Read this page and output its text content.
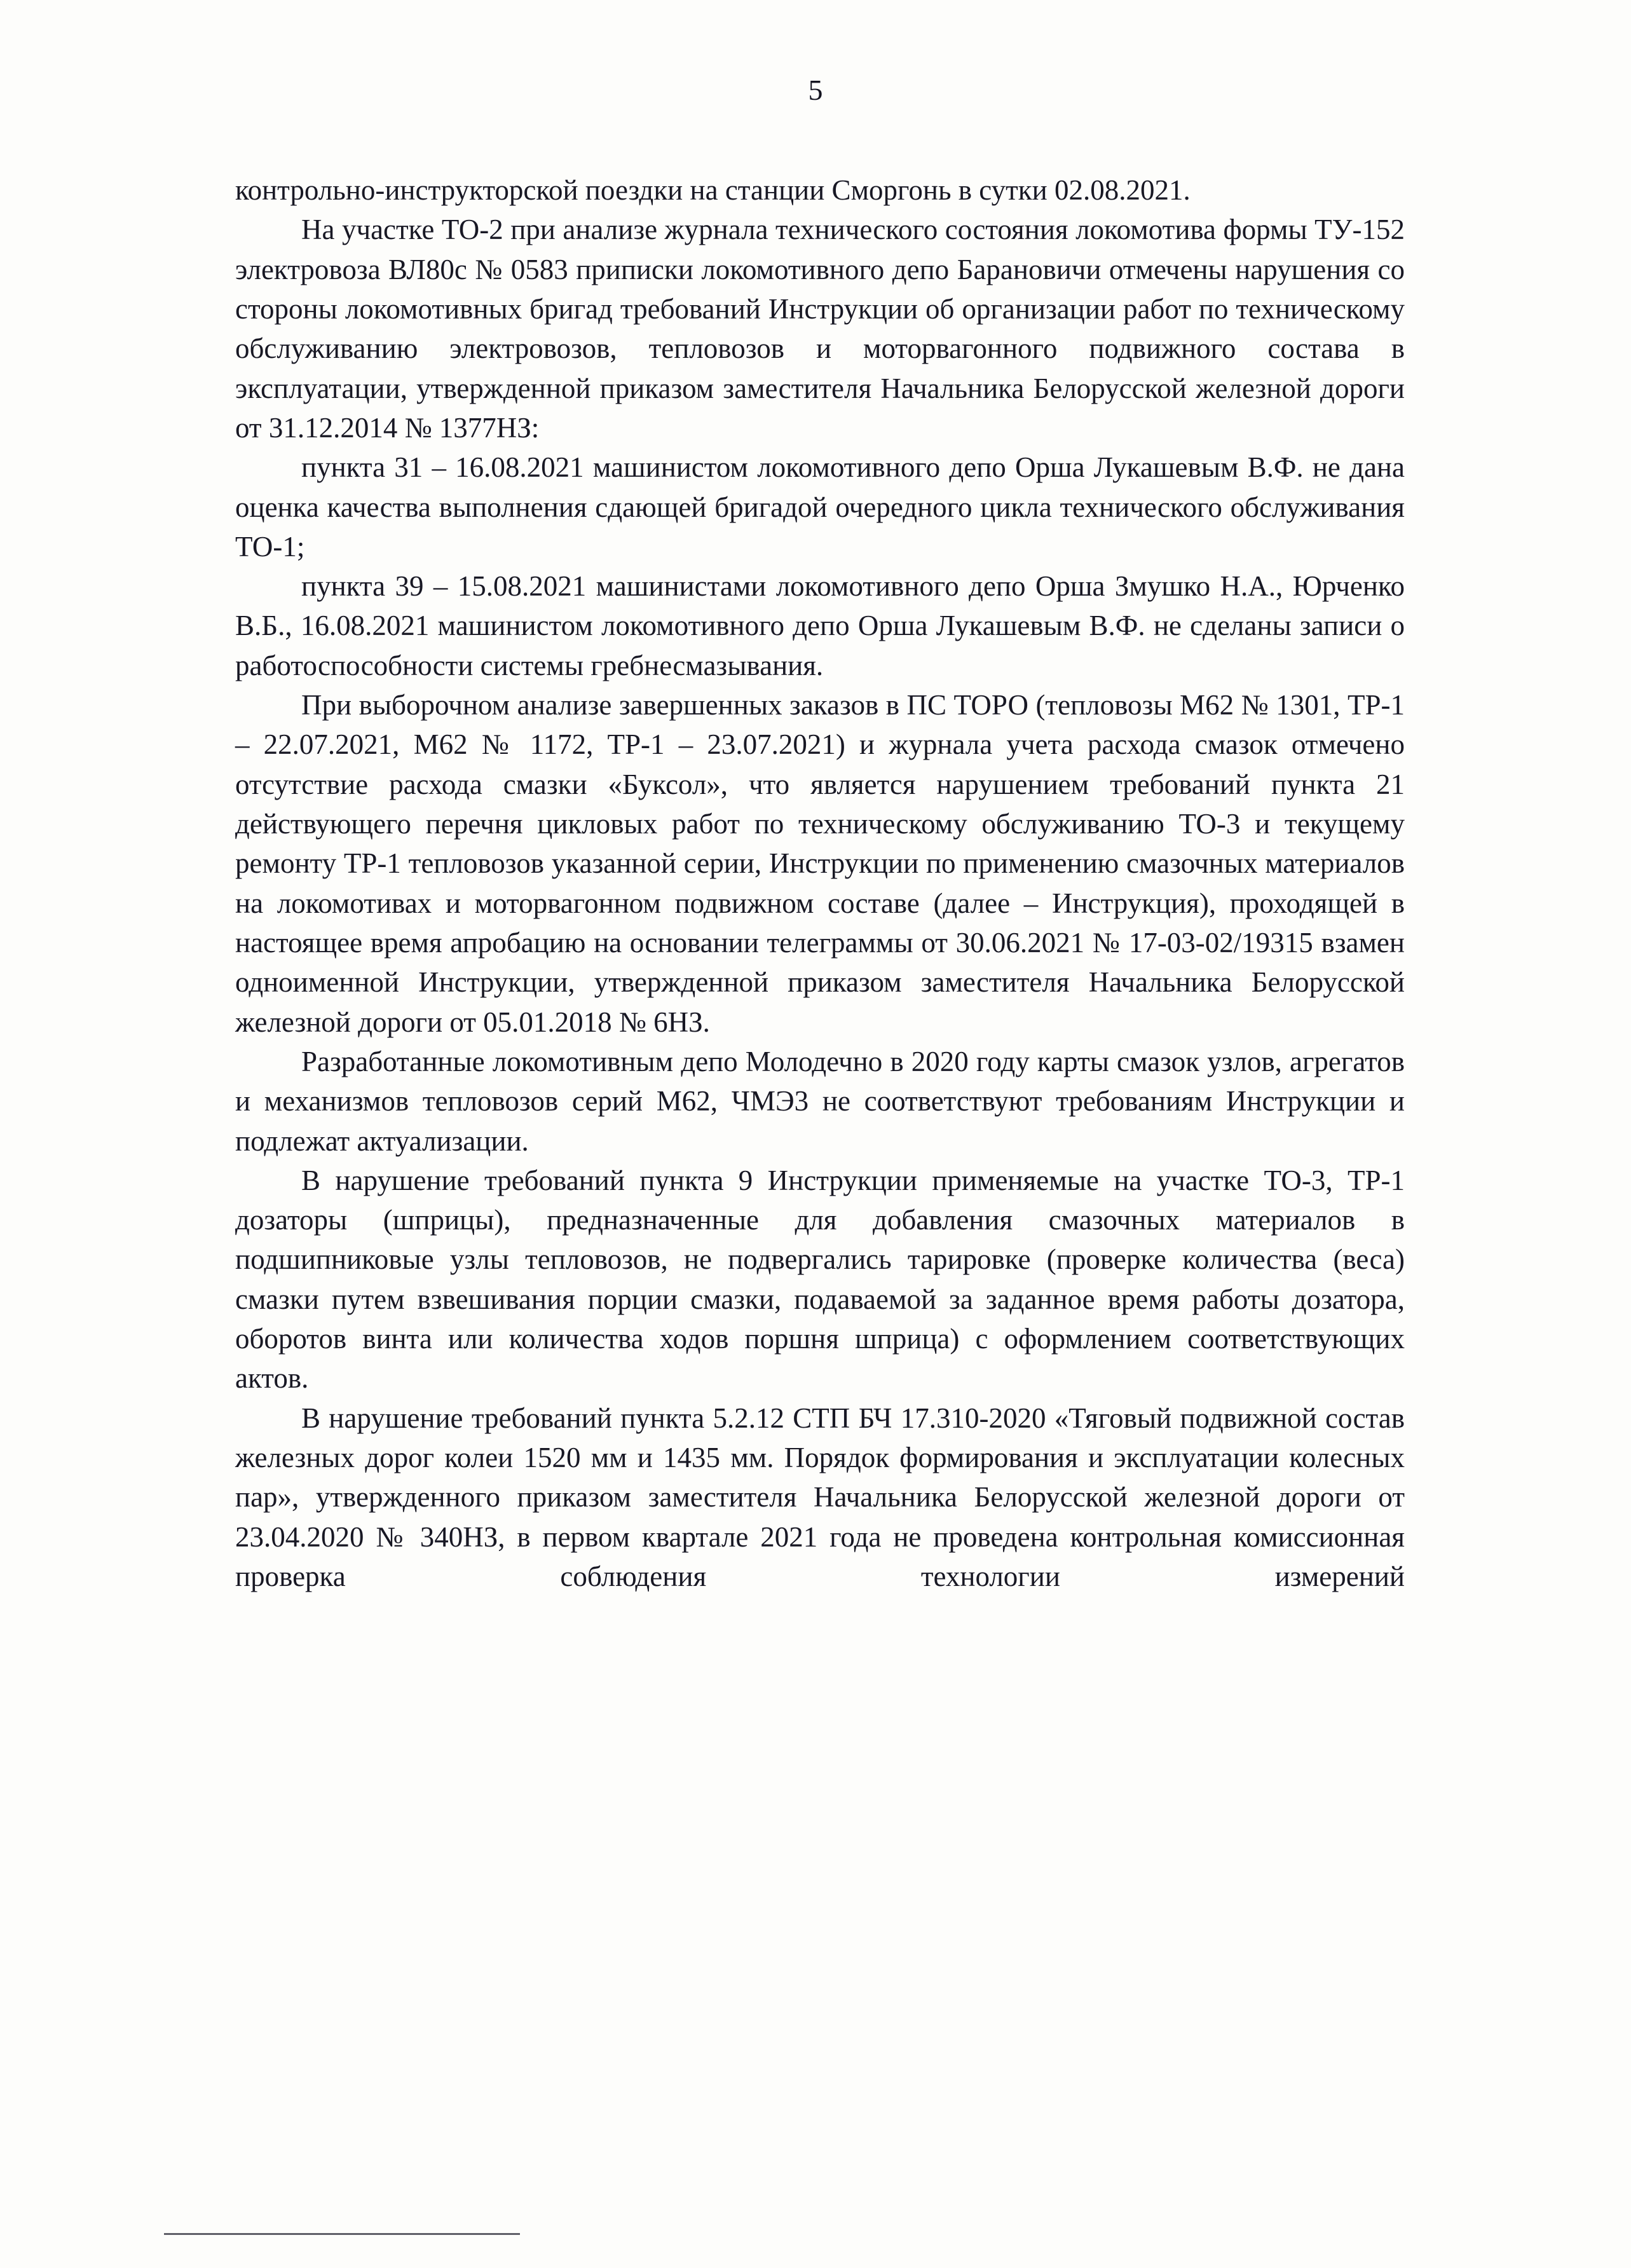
5

контрольно-инструкторской поездки на станции Сморгонь в сутки 02.08.2021.

На участке ТО-2 при анализе журнала технического состояния локомотива формы ТУ-152 электровоза ВЛ80с № 0583 приписки локомотивного депо Барановичи отмечены нарушения со стороны локомотивных бригад требований Инструкции об организации работ по техническому обслуживанию электровозов, тепловозов и моторвагонного подвижного состава в эксплуатации, утвержденной приказом заместителя Начальника Белорусской железной дороги от 31.12.2014 № 1377НЗ:

пункта 31 – 16.08.2021 машинистом локомотивного депо Орша Лукашевым В.Ф. не дана оценка качества выполнения сдающей бригадой очередного цикла технического обслуживания ТО-1;

пункта 39 – 15.08.2021 машинистами локомотивного депо Орша Змушко Н.А., Юрченко В.Б., 16.08.2021 машинистом локомотивного депо Орша Лукашевым В.Ф. не сделаны записи о работоспособности системы гребнесмазывания.

При выборочном анализе завершенных заказов в ПС ТОРО (тепловозы М62 № 1301, ТР-1 – 22.07.2021, М62 № 1172, ТР-1 – 23.07.2021) и журнала учета расхода смазок отмечено отсутствие расхода смазки «Буксол», что является нарушением требований пункта 21 действующего перечня цикловых работ по техническому обслуживанию ТО-3 и текущему ремонту ТР-1 тепловозов указанной серии, Инструкции по применению смазочных материалов на локомотивах и моторвагонном подвижном составе (далее – Инструкция), проходящей в настоящее время апробацию на основании телеграммы от 30.06.2021 № 17-03-02/19315 взамен одноименной Инструкции, утвержденной приказом заместителя Начальника Белорусской железной дороги от 05.01.2018 № 6НЗ.

Разработанные локомотивным депо Молодечно в 2020 году карты смазок узлов, агрегатов и механизмов тепловозов серий М62, ЧМЭ3 не соответствуют требованиям Инструкции и подлежат актуализации.

В нарушение требований пункта 9 Инструкции применяемые на участке ТО-3, ТР-1 дозаторы (шприцы), предназначенные для добавления смазочных материалов в подшипниковые узлы тепловозов, не подвергались тарировке (проверке количества (веса) смазки путем взвешивания порции смазки, подаваемой за заданное время работы дозатора, оборотов винта или количества ходов поршня шприца) с оформлением соответствующих актов.

В нарушение требований пункта 5.2.12 СТП БЧ 17.310-2020 «Тяговый подвижной состав железных дорог колеи 1520 мм и 1435 мм. Порядок формирования и эксплуатации колесных пар», утвержденного приказом заместителя Начальника Белорусской железной дороги от 23.04.2020 № 340НЗ, в первом квартале 2021 года не проведена контрольная комиссионная проверка соблюдения технологии измерений
